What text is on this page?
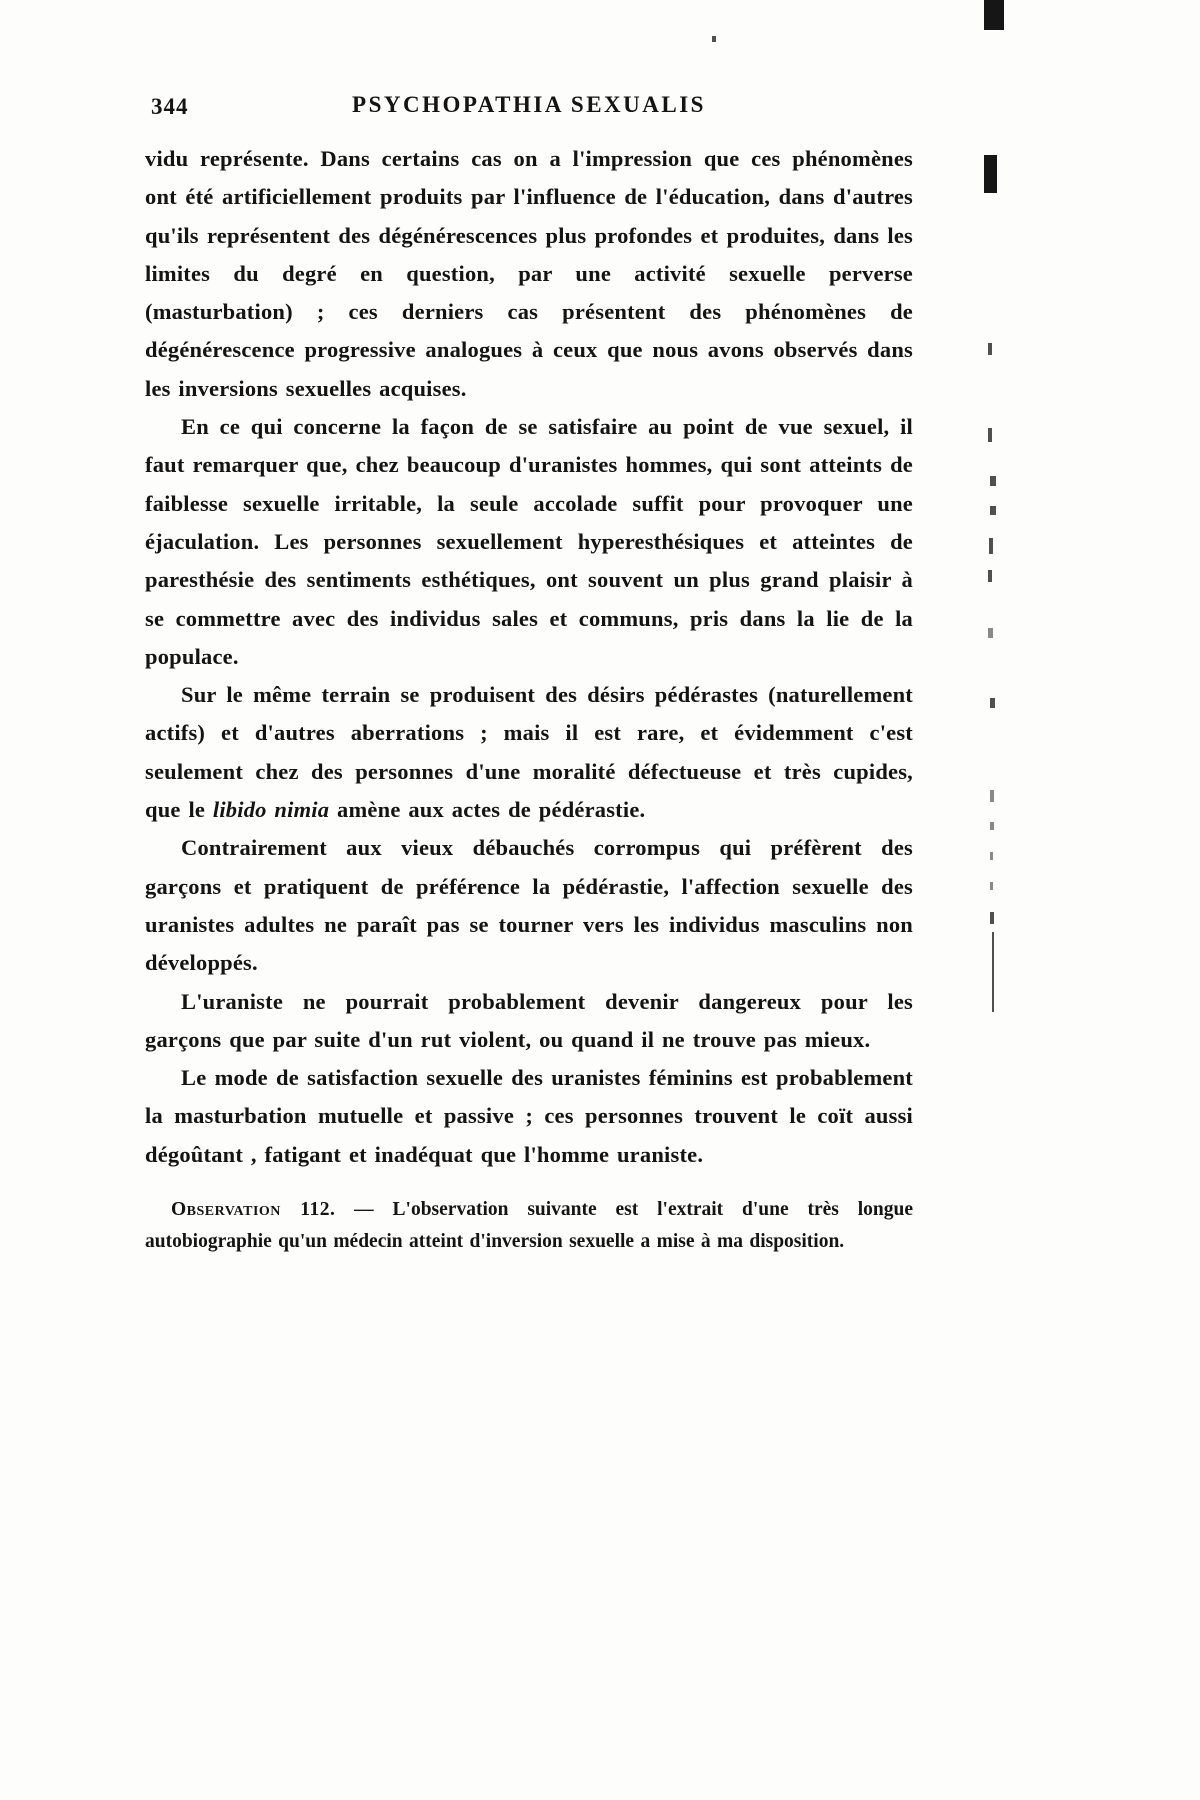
344	PSYCHOPATHIA SEXUALIS

vidu représente. Dans certains cas on a l'impression que ces phénomènes ont été artificiellement produits par l'influence de l'éducation, dans d'autres qu'ils représentent des dégénérescences plus profondes et produites, dans les limites du degré en question, par une activité sexuelle perverse (masturbation) ; ces derniers cas présentent des phénomènes de dégénérescence progressive analogues à ceux que nous avons observés dans les inversions sexuelles acquises.

En ce qui concerne la façon de se satisfaire au point de vue sexuel, il faut remarquer que, chez beaucoup d'uranistes hommes, qui sont atteints de faiblesse sexuelle irritable, la seule accolade suffit pour provoquer une éjaculation. Les personnes sexuellement hyperesthésiques et atteintes de paresthésie des sentiments esthétiques, ont souvent un plus grand plaisir à se commettre avec des individus sales et communs, pris dans la lie de la populace.

Sur le même terrain se produisent des désirs pédérastes (naturellement actifs) et d'autres aberrations ; mais il est rare, et évidemment c'est seulement chez des personnes d'une moralité défectueuse et très cupides, que le libido nimia amène aux actes de pédérastie.

Contrairement aux vieux débauchés corrompus qui préfèrent des garçons et pratiquent de préférence la pédérastie, l'affection sexuelle des uranistes adultes ne paraît pas se tourner vers les individus masculins non développés.

L'uraniste ne pourrait probablement devenir dangereux pour les garçons que par suite d'un rut violent, ou quand il ne trouve pas mieux.

Le mode de satisfaction sexuelle des uranistes féminins est probablement la masturbation mutuelle et passive ; ces personnes trouvent le coït aussi dégoûtant , fatigant et inadéquat que l'homme uraniste.

Observation 112. — L'observation suivante est l'extrait d'une très longue autobiographie qu'un médecin atteint d'inversion sexuelle a mise à ma disposition.
